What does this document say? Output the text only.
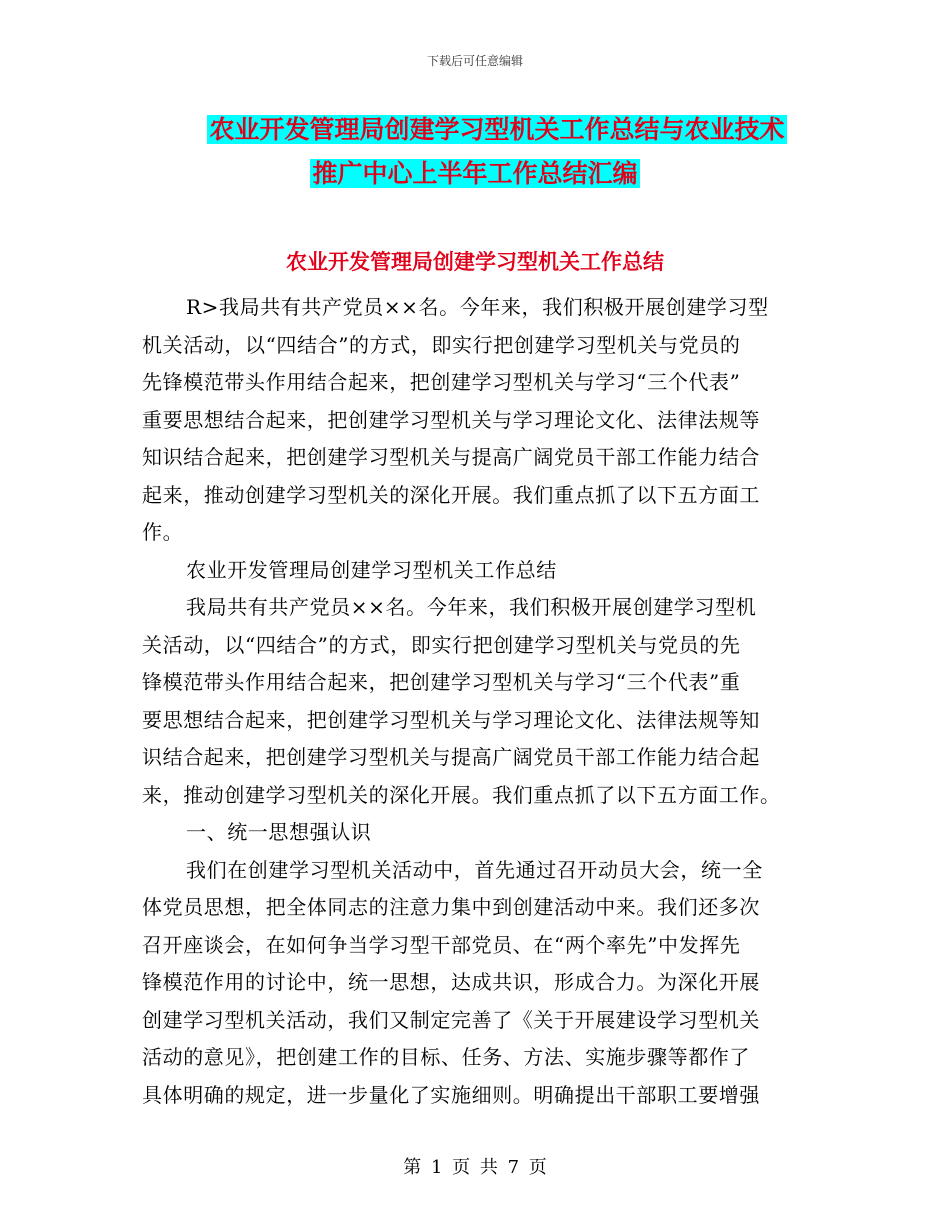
下载后可任意编辑
农业开发管理局创建学习型机关工作总结与农业技术
推广中心上半年工作总结汇编
农业开发管理局创建学习型机关工作总结
R>我局共有共产党员××名。今年来，我们积极开展创建学习型
机关活动，以“四结合”的方式，即实行把创建学习型机关与党员的
先锋模范带头作用结合起来，把创建学习型机关与学习“三个代表”
重要思想结合起来，把创建学习型机关与学习理论文化、法律法规等
知识结合起来，把创建学习型机关与提高广阔党员干部工作能力结合
起来，推动创建学习型机关的深化开展。我们重点抓了以下五方面工
作。
农业开发管理局创建学习型机关工作总结
我局共有共产党员××名。今年来，我们积极开展创建学习型机
关活动，以“四结合”的方式，即实行把创建学习型机关与党员的先
锋模范带头作用结合起来，把创建学习型机关与学习“三个代表”重
要思想结合起来，把创建学习型机关与学习理论文化、法律法规等知
识结合起来，把创建学习型机关与提高广阔党员干部工作能力结合起
来，推动创建学习型机关的深化开展。我们重点抓了以下五方面工作。
一、统一思想强认识
我们在创建学习型机关活动中，首先通过召开动员大会，统一全
体党员思想，把全体同志的注意力集中到创建活动中来。我们还多次
召开座谈会，在如何争当学习型干部党员、在“两个率先”中发挥先
锋模范作用的讨论中，统一思想，达成共识，形成合力。为深化开展
创建学习型机关活动，我们又制定完善了《关于开展建设学习型机关
活动的意见》，把创建工作的目标、任务、方法、实施步骤等都作了
具体明确的规定，进一步量化了实施细则。明确提出干部职工要增强
第 1 页 共 7 页
